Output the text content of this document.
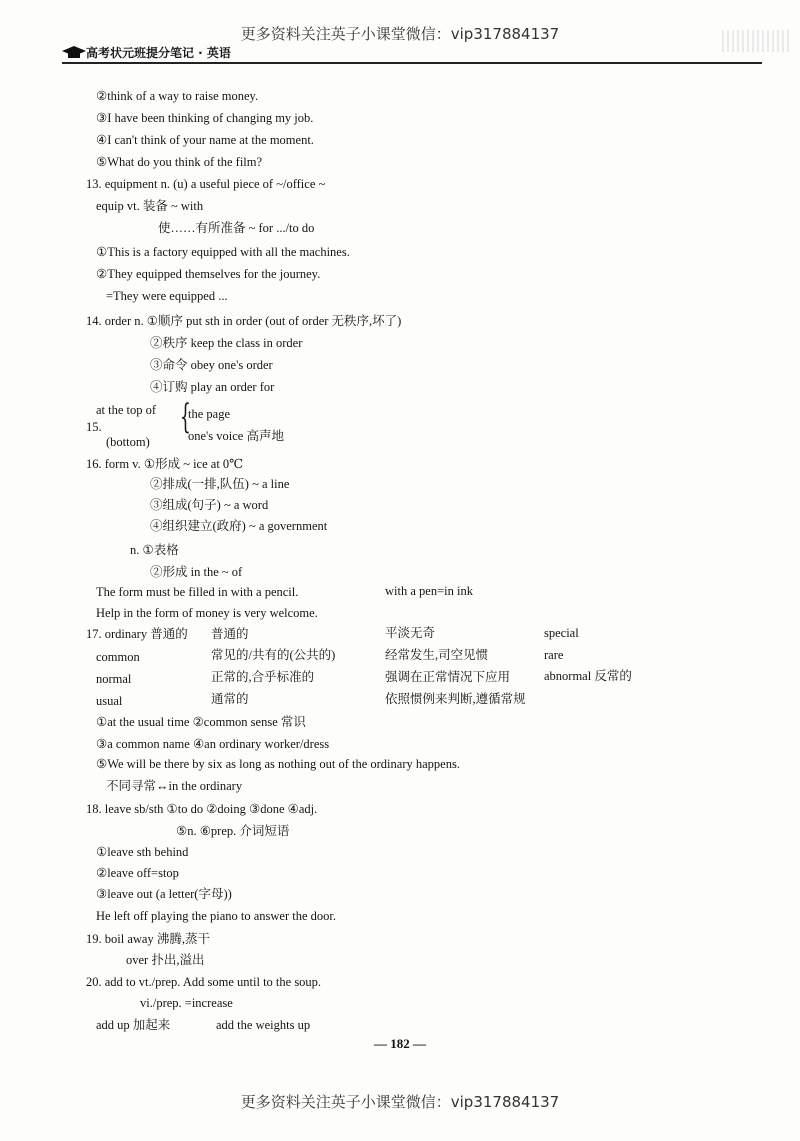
更多资料关注英子小课堂微信：vip317884137
高考状元班提分笔记 · 英语
②think of a way to raise money.
③I have been thinking of changing my job.
④I can't think of your name at the moment.
⑤What do you think of the film?
13. equipment n. (u) a useful piece of ~/office ~
equip vt. 装备 ~ with
使……有所准备 ~ for .../to do
①This is a factory equipped with all the machines.
②They equipped themselves for the journey.
=They were equipped ...
14. order n. ①顺序 put sth in order (out of order 无秩序,坏了)
②秩序 keep the class in order
③命令 obey one's order
④订购 play an order for
at the top of {
the page
15.
(bottom)	one's voice 高声地
16. form v. ①形成 ~ ice at 0℃
②排成(一排,队伍) ~ a line
③组成(句子) ~ a word
④组织建立(政府) ~ a government
n. ①表格
②形成 in the ~ of
The form must be filled in with a pencil.	with a pen=in ink
Help in the form of money is very welcome.
17. ordinary 普通的 普通的	平淡无奇	special
common	常见的/共有的(公共的)	经常发生,司空见惯	rare
normal	正常的,合乎标准的	强调在正常情况下应用	abnormal 反常的
usual	通常的	依照惯例来判断,遵循常规
①at the usual time ②common sense 常识
③a common name ④an ordinary worker/dress
⑤We will be there by six as long as nothing out of the ordinary happens.
不同寻常↔in the ordinary
18. leave sb/sth ①to do ②doing ③done ④adj.
⑤n. ⑥prep. 介词短语
①leave sth behind
②leave off=stop
③leave out (a letter(字母))
He left off playing the piano to answer the door.
19. boil away 沸腾,蒸干
over 扑出,溢出
20. add to vt./prep. Add some until to the soup.
vi./prep. =increase
add up 加起来	add the weights up
— 182 —
更多资料关注英子小课堂微信：vip317884137
